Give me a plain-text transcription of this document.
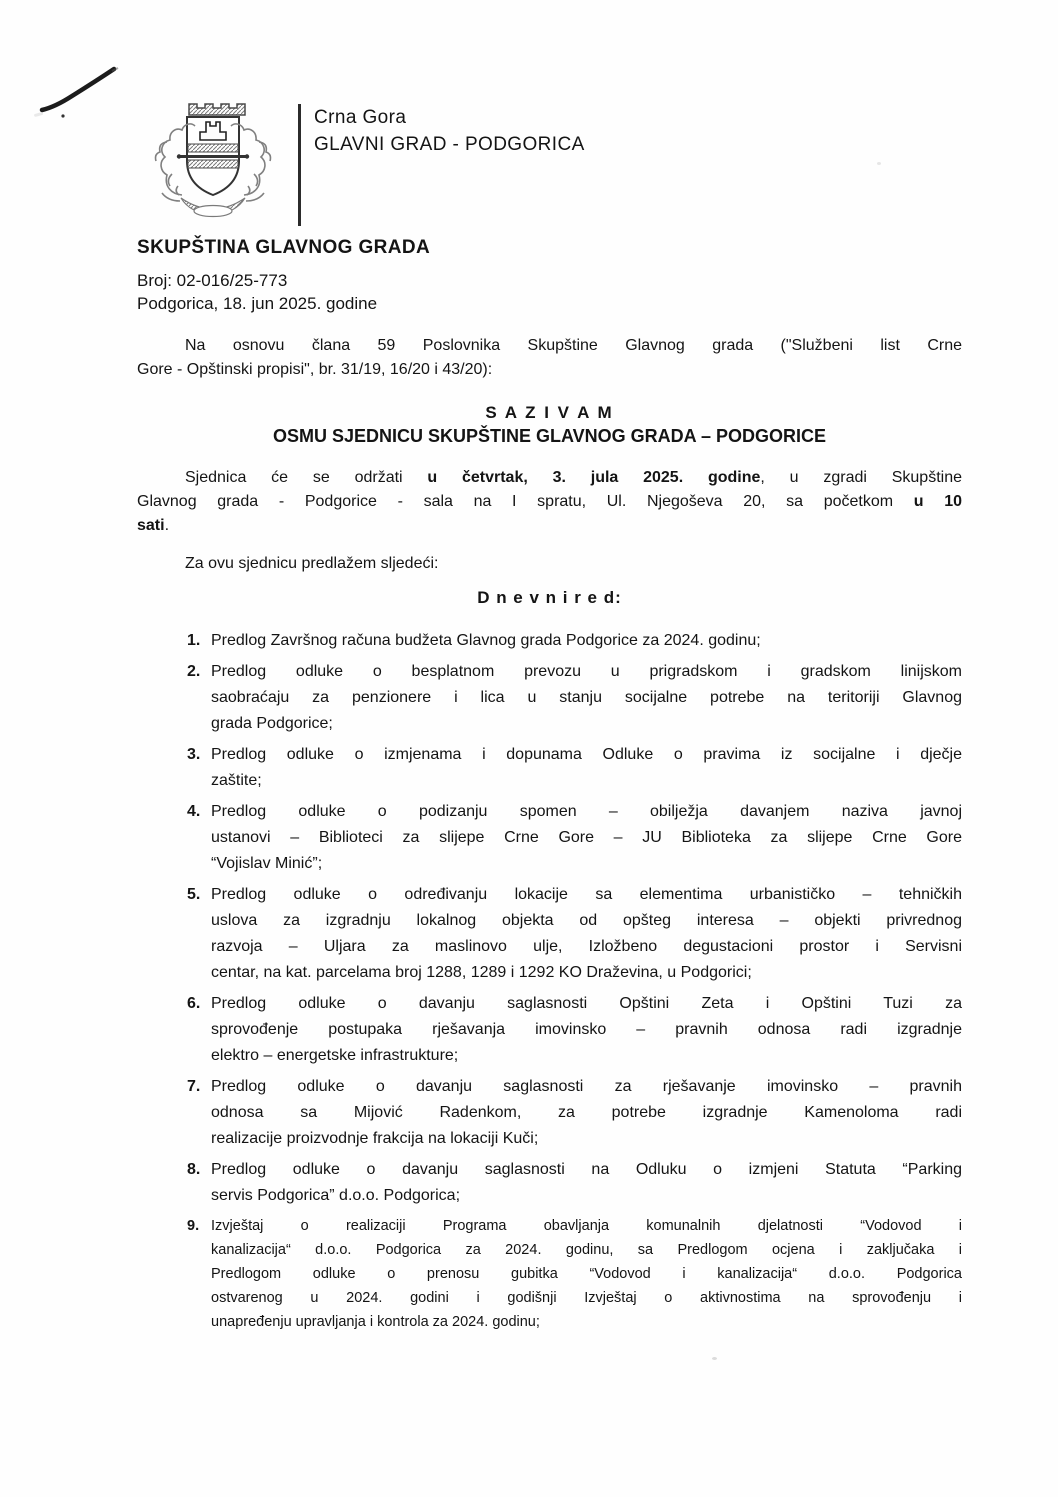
Crna Gora
GLAVNI GRAD - PODGORICA
SKUPŠTINA GLAVNOG GRADA
Broj: 02-016/25-773
Podgorica, 18. jun 2025. godine
Na osnovu člana 59 Poslovnika Skupštine Glavnog grada ("Službeni list Crne
Gore - Opštinski propisi", br. 31/19, 16/20 i 43/20):
S A Z I V A M
OSMU SJEDNICU SKUPŠTINE GLAVNOG GRADA – PODGORICE
Sjednica će se održati u četvrtak, 3. jula 2025. godine, u zgradi Skupštine
Glavnog grada - Podgorice - sala na I spratu, Ul. Njegoševa 20, sa početkom u 10
sati.
Za ovu sjednicu predlažem sljedeći:
D n e v n i r e d:
1. Predlog Završnog računa budžeta Glavnog grada Podgorice za 2024. godinu;
2. Predlog odluke o besplatnom prevozu u prigradskom i gradskom linijskom
saobraćaju za penzionere i lica u stanju socijalne potrebe na teritoriji Glavnog
grada Podgorice;
3. Predlog odluke o izmjenama i dopunama Odluke o pravima iz socijalne i dječje
zaštite;
4. Predlog odluke o podizanju spomen – obilježja davanjem naziva javnoj
ustanovi – Biblioteci za slijepe Crne Gore – JU Biblioteka za slijepe Crne Gore
“Vojislav Minić”;
5. Predlog odluke o određivanju lokacije sa elementima urbanističko – tehničkih
uslova za izgradnju lokalnog objekta od opšteg interesa – objekti privrednog
razvoja – Uljara za maslinovo ulje, Izložbeno degustacioni prostor i Servisni
centar, na kat. parcelama broj 1288, 1289 i 1292 KO Draževina, u Podgorici;
6. Predlog odluke o davanju saglasnosti Opštini Zeta i Opštini Tuzi za
sprovođenje postupaka rješavanja imovinsko – pravnih odnosa radi izgradnje
elektro – energetske infrastrukture;
7. Predlog odluke o davanju saglasnosti za rješavanje imovinsko – pravnih
odnosa sa Mijović Radenkom, za potrebe izgradnje Kamenoloma radi
realizacije proizvodnje frakcija na lokaciji Kuči;
8. Predlog odluke o davanju saglasnosti na Odluku o izmjeni Statuta “Parking
servis Podgorica” d.o.o. Podgorica;
9. Izvještaj o realizaciji Programa obavljanja komunalnih djelatnosti “Vodovod i
kanalizacija“ d.o.o. Podgorica za 2024. godinu, sa Predlogom ocjena i zaključaka i
Predlogom odluke o prenosu gubitka “Vodovod i kanalizacija“ d.o.o. Podgorica
ostvarenog u 2024. godini i godišnji Izvještaj o aktivnostima na sprovođenju i
unapređenju upravljanja i kontrola za 2024. godinu;
